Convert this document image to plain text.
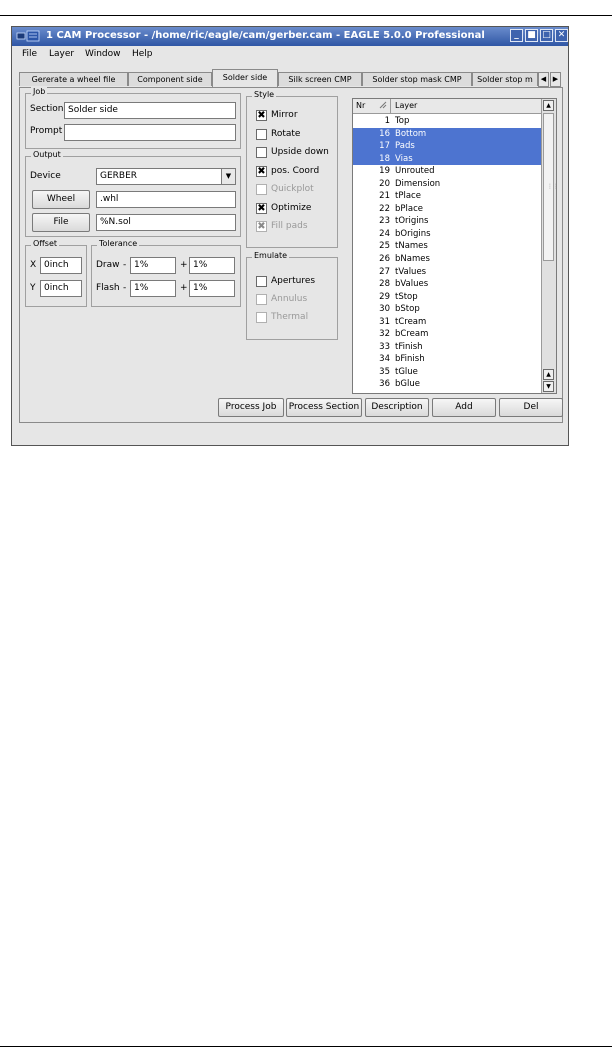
1 CAM Processor - /home/ric/eagle/cam/gerber.cam - EAGLE 5.0.0 Professional	_ ■ □ ✕
File Layer Window Help
Gererate a wheel file	Component side	Solder side	Silk screen CMP	Solder stop mask CMP	Solder stop m	◀ ▶
Job
Section Solder side
Prompt
Output
Device	GERBER	▼
Wheel	.whl
File	%N.sol
Offset
X 0inch
Y 0inch
Tolerance
Draw - 1%	+ 1%
Flash - 1%	+ 1%
Style
✖ Mirror
Rotate
Upside down
✖ pos. Coord
Quickplot
✖ Optimize
✖ Fill pads
Emulate
Apertures
Annulus
Thermal
Nr	Layer
1 Top
16 Bottom
17 Pads
18 Vias
19 Unrouted
20 Dimension
21 tPlace
22 bPlace
23 tOrigins
24 bOrigins
25 tNames
26 bNames
27 tValues
28 bValues
29 tStop
30 bStop
31 tCream
32 bCream
33 tFinish
34 bFinish
35 tGlue
36 bGlue
▲
⋮⋮
▲
▼
Process Job	Process Section	Description	Add	Del
